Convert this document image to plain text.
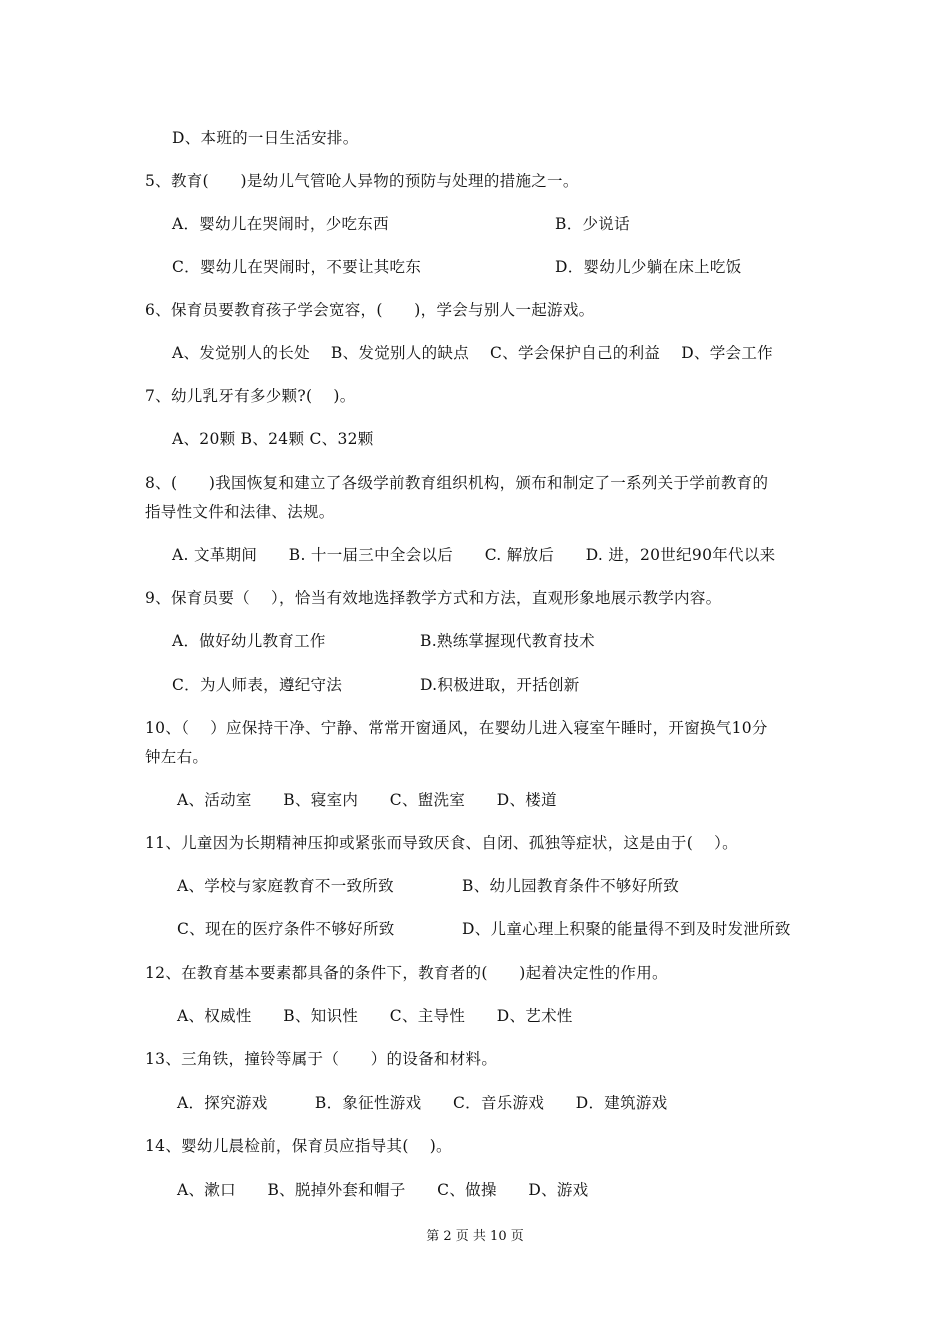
D、本班的一日生活安排。
5、教育(　　)是幼儿气管呛人异物的预防与处理的措施之一。
A．婴幼儿在哭闹时，少吃东西	B．少说话
C．婴幼儿在哭闹时，不要让其吃东	D．婴幼儿少躺在床上吃饭
6、保育员要教育孩子学会宽容，(　　)，学会与别人一起游戏。
A、发觉别人的长处　 B、发觉别人的缺点　 C、学会保护自己的利益　 D、学会工作
7、幼儿乳牙有多少颗?(　 )。
A、20颗 B、24颗 C、32颗
8、(　　)我国恢复和建立了各级学前教育组织机构，颁布和制定了一系列关于学前教育的
指导性文件和法律、法规。
A. 文革期间　　B. 十一届三中全会以后　　C. 解放后　　D. 进，20世纪90年代以来
9、保育员要（　 ），恰当有效地选择教学方式和方法，直观形象地展示教学内容。
A．做好幼儿教育工作	B.熟练掌握现代教育技术
C．为人师表，遵纪守法	D.积极进取，开括创新
10、（　 ）应保持干净、宁静、常常开窗通风，在婴幼儿进入寝室午睡时，开窗换气10分
钟左右。
A、活动室　　B、寝室内　　C、盥洗室　　D、楼道
11、儿童因为长期精神压抑或紧张而导致厌食、自闭、孤独等症状，这是由于(　 ）。
A、学校与家庭教育不一致所致	B、幼儿园教育条件不够好所致
C、现在的医疗条件不够好所致	D、儿童心理上积聚的能量得不到及时发泄所致
12、在教育基本要素都具备的条件下，教育者的(　　)起着决定性的作用。
A、权威性　　B、知识性　　C、主导性　　D、艺术性
13、三角铁，撞铃等属于（　　）的设备和材料。
A．探究游戏　　　B．象征性游戏　　C．音乐游戏　　D．建筑游戏
14、婴幼儿晨检前，保育员应指导其(　 )。
A、漱口　　B、脱掉外套和帽子　　C、做操　　D、游戏
第 2 页 共 10 页
